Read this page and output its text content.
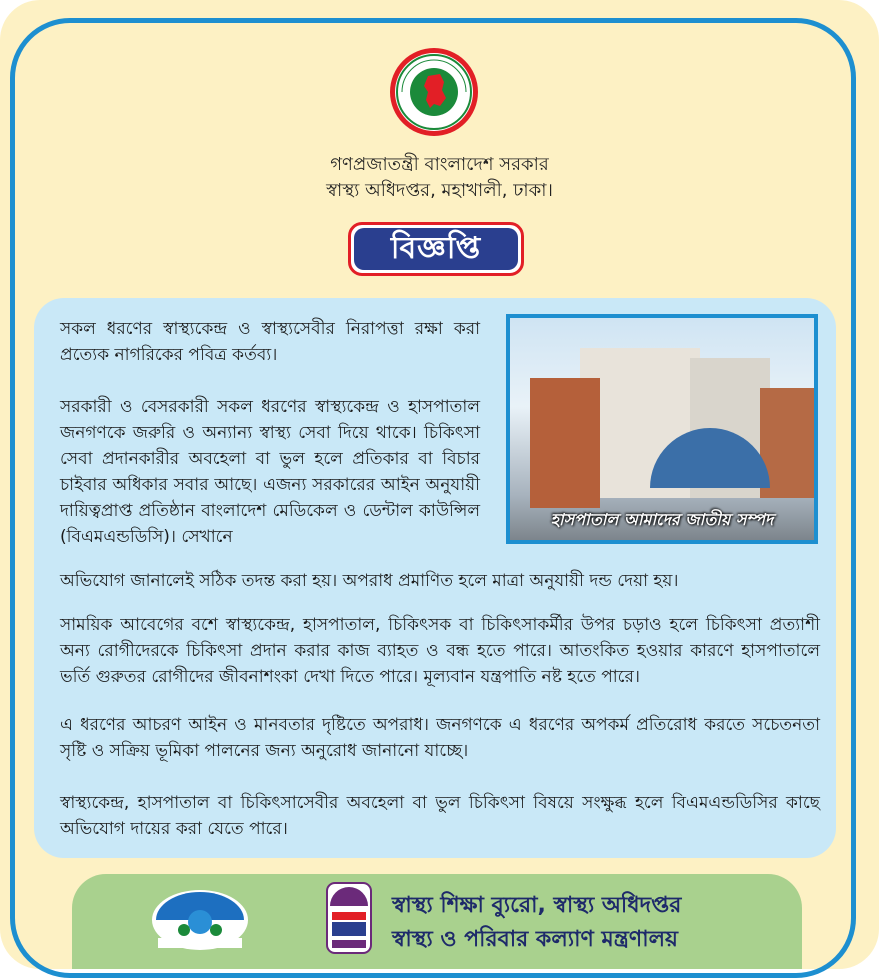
গণপ্রজাতন্ত্রী বাংলাদেশ সরকার
স্বাস্থ্য অধিদপ্তর, মহাখালী, ঢাকা।
বিজ্ঞপ্তি
হাসপাতাল আমাদের জাতীয় সম্পদ
সকল ধরণের স্বাস্থ্যকেন্দ্র ও স্বাস্থ্যসেবীর নিরাপত্তা রক্ষা করা প্রত্যেক নাগরিকের পবিত্র কর্তব্য।
সরকারী ও বেসরকারী সকল ধরণের স্বাস্থ্যকেন্দ্র ও হাসপাতাল জনগণকে জরুরি ও অন্যান্য স্বাস্থ্য সেবা দিয়ে থাকে। চিকিৎসা সেবা প্রদানকারীর অবহেলা বা ভুল হলে প্রতিকার বা বিচার চাইবার অধিকার সবার আছে। এজন্য সরকারের আইন অনুযায়ী দায়িত্বপ্রাপ্ত প্রতিষ্ঠান বাংলাদেশ মেডিকেল ও ডেন্টাল কাউন্সিল (বিএমএন্ডডিসি)। সেখানে
অভিযোগ জানালেই সঠিক তদন্ত করা হয়। অপরাধ প্রমাণিত হলে মাত্রা অনুযায়ী দন্ড দেয়া হয়।
সাময়িক আবেগের বশে স্বাস্থ্যকেন্দ্র, হাসপাতাল, চিকিৎসক বা চিকিৎসাকর্মীর উপর চড়াও হলে চিকিৎসা প্রত্যাশী অন্য রোগীদেরকে চিকিৎসা প্রদান করার কাজ ব্যাহত ও বন্ধ হতে পারে। আতংকিত হওয়ার কারণে হাসপাতালে ভর্তি গুরুতর রোগীদের জীবনাশংকা দেখা দিতে পারে। মূল্যবান যন্ত্রপাতি নষ্ট হতে পারে।
এ ধরণের আচরণ আইন ও মানবতার দৃষ্টিতে অপরাধ। জনগণকে এ ধরণের অপকর্ম প্রতিরোধ করতে সচেতনতা সৃষ্টি ও সক্রিয় ভূমিকা পালনের জন্য অনুরোধ জানানো যাচ্ছে।
স্বাস্থ্যকেন্দ্র, হাসপাতাল বা চিকিৎসাসেবীর অবহেলা বা ভুল চিকিৎসা বিষয়ে সংক্ষুব্ধ হলে বিএমএন্ডডিসির কাছে অভিযোগ দায়ের করা যেতে পারে।
স্বাস্থ্য শিক্ষা ব্যুরো, স্বাস্থ্য অধিদপ্তর
স্বাস্থ্য ও পরিবার কল্যাণ মন্ত্রণালয়
